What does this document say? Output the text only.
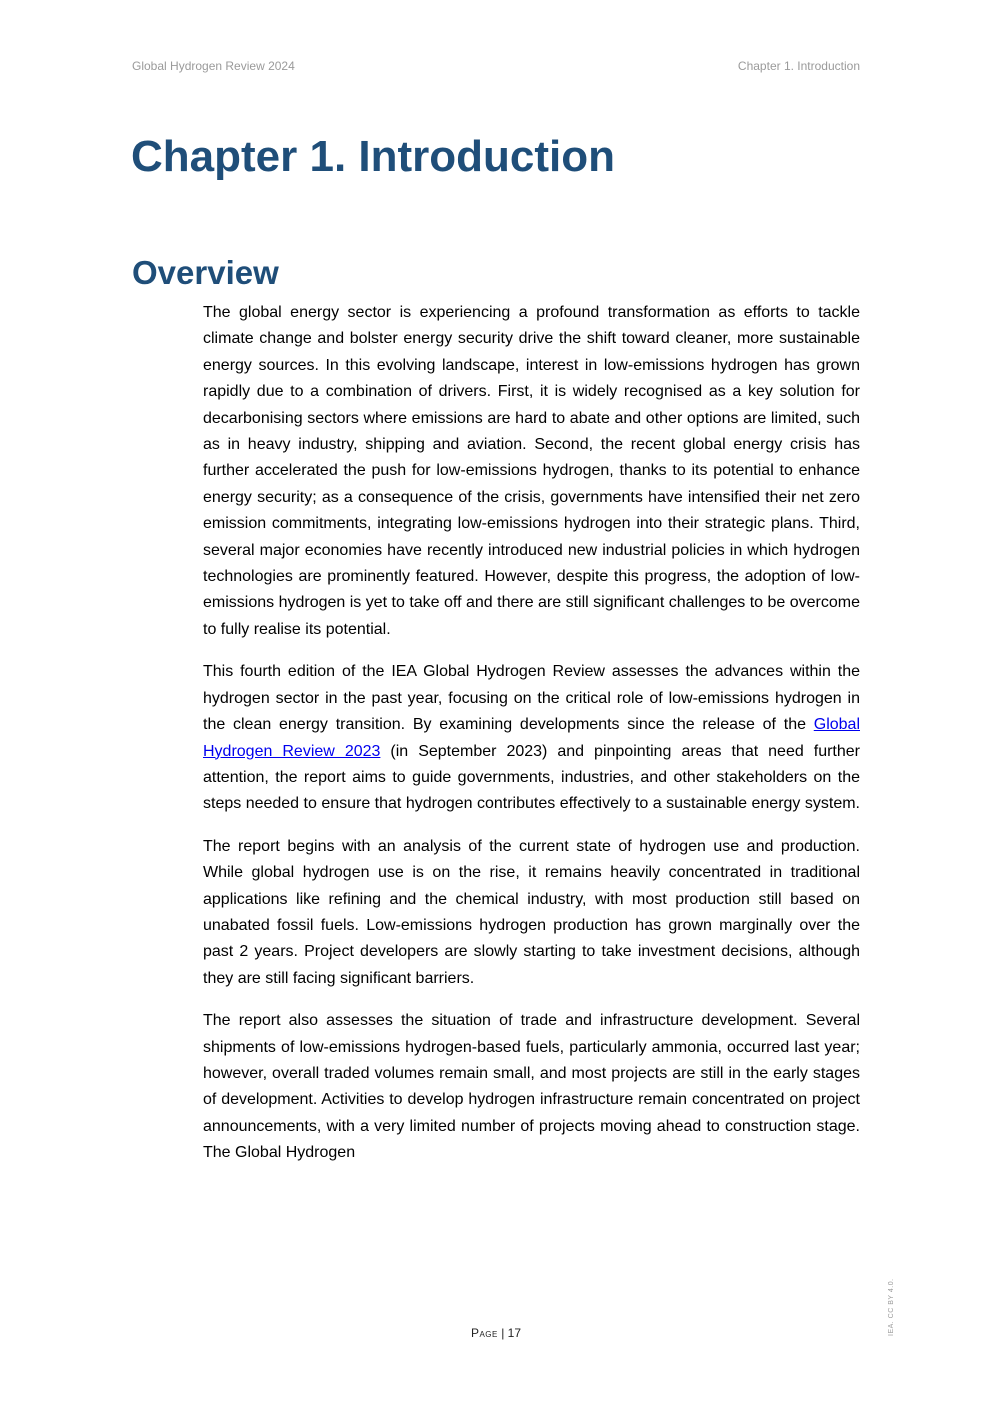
Global Hydrogen Review 2024	Chapter 1. Introduction
Chapter 1. Introduction
Overview

The global energy sector is experiencing a profound transformation as efforts to tackle climate change and bolster energy security drive the shift toward cleaner, more sustainable energy sources. In this evolving landscape, interest in low-emissions hydrogen has grown rapidly due to a combination of drivers. First, it is widely recognised as a key solution for decarbonising sectors where emissions are hard to abate and other options are limited, such as in heavy industry, shipping and aviation. Second, the recent global energy crisis has further accelerated the push for low-emissions hydrogen, thanks to its potential to enhance energy security; as a consequence of the crisis, governments have intensified their net zero emission commitments, integrating low-emissions hydrogen into their strategic plans. Third, several major economies have recently introduced new industrial policies in which hydrogen technologies are prominently featured. However, despite this progress, the adoption of low-emissions hydrogen is yet to take off and there are still significant challenges to be overcome to fully realise its potential.

This fourth edition of the IEA Global Hydrogen Review assesses the advances within the hydrogen sector in the past year, focusing on the critical role of low-emissions hydrogen in the clean energy transition. By examining developments since the release of the Global Hydrogen Review 2023 (in September 2023) and pinpointing areas that need further attention, the report aims to guide governments, industries, and other stakeholders on the steps needed to ensure that hydrogen contributes effectively to a sustainable energy system.

The report begins with an analysis of the current state of hydrogen use and production. While global hydrogen use is on the rise, it remains heavily concentrated in traditional applications like refining and the chemical industry, with most production still based on unabated fossil fuels. Low-emissions hydrogen production has grown marginally over the past 2 years. Project developers are slowly starting to take investment decisions, although they are still facing significant barriers.

The report also assesses the situation of trade and infrastructure development. Several shipments of low-emissions hydrogen-based fuels, particularly ammonia, occurred last year; however, overall traded volumes remain small, and most projects are still in the early stages of development. Activities to develop hydrogen infrastructure remain concentrated on project announcements, with a very limited number of projects moving ahead to construction stage. The Global Hydrogen

IEA. CC BY 4.0.
Page | 17
